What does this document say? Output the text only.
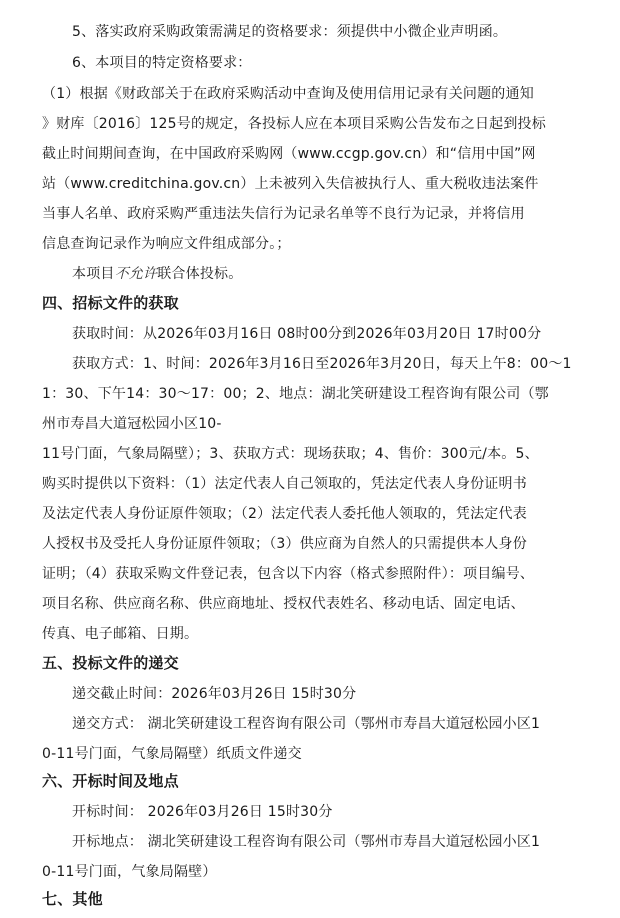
5、落实政府采购政策需满足的资格要求：须提供中小微企业声明函。
6、本项目的特定资格要求：
（1）根据《财政部关于在政府采购活动中查询及使用信用记录有关问题的通知
》财库〔2016〕125号的规定，各投标人应在本项目采购公告发布之日起到投标
截止时间期间查询，在中国政府采购网（www.ccgp.gov.cn）和“信用中国”网
站（www.creditchina.gov.cn）上未被列入失信被执行人、重大税收违法案件
当事人名单、政府采购严重违法失信行为记录名单等不良行为记录，并将信用
信息查询记录作为响应文件组成部分。；
本项目不允许联合体投标。
四、招标文件的获取
获取时间：从2026年03月16日 08时00分到2026年03月20日 17时00分
获取方式：1、时间：2026年3月16日至2026年3月20日，每天上午8：00～1
1：30、下午14：30～17：00；2、地点：湖北笑研建设工程咨询有限公司（鄂
州市寿昌大道冠松园小区10-
11号门面，气象局隔壁）；3、获取方式：现场获取；4、售价：300元/本。5、
购买时提供以下资料：（1）法定代表人自己领取的，凭法定代表人身份证明书
及法定代表人身份证原件领取；（2）法定代表人委托他人领取的，凭法定代表
人授权书及受托人身份证原件领取；（3）供应商为自然人的只需提供本人身份
证明；（4）获取采购文件登记表，包含以下内容（格式参照附件）：项目编号、
项目名称、供应商名称、供应商地址、授权代表姓名、移动电话、固定电话、
传真、电子邮箱、日期。
五、投标文件的递交
递交截止时间：2026年03月26日 15时30分
递交方式： 湖北笑研建设工程咨询有限公司（鄂州市寿昌大道冠松园小区1
0-11号门面，气象局隔壁）纸质文件递交
六、开标时间及地点
开标时间： 2026年03月26日 15时30分
开标地点： 湖北笑研建设工程咨询有限公司（鄂州市寿昌大道冠松园小区1
0-11号门面，气象局隔壁）
七、其他
